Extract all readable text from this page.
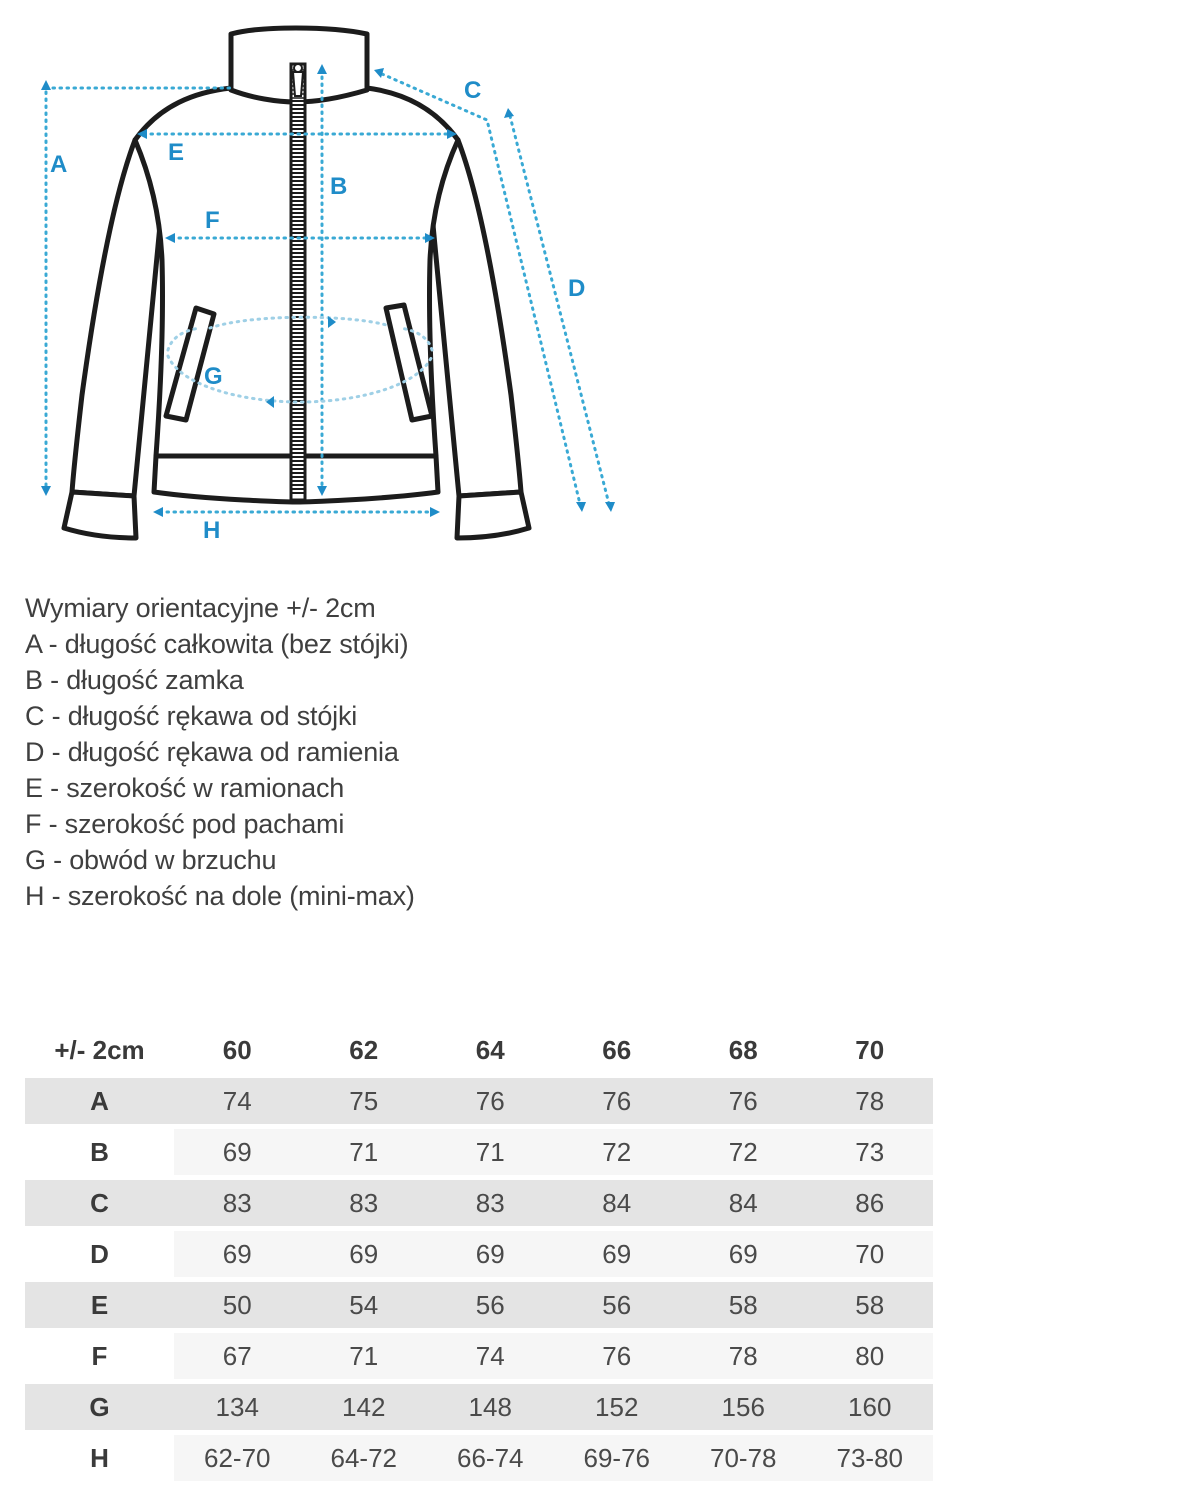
A
B
C
D
E
F
G
H
Wymiary orientacyjne +/- 2cm
A - długość całkowita (bez stójki)
B - długość zamka
C - długość rękawa od stójki
D - długość rękawa od ramienia
E - szerokość w ramionach
F - szerokość pod pachami
G - obwód w brzuchu
H - szerokość na dole (mini-max)
+/- 2cm	60	62	64	66	68	70
A	74	75	76	76	76	78
B	69	71	71	72	72	73
C	83	83	83	84	84	86
D	69	69	69	69	69	70
E	50	54	56	56	58	58
F	67	71	74	76	78	80
G	134	142	148	152	156	160
H	62-70	64-72	66-74	69-76	70-78	73-80
